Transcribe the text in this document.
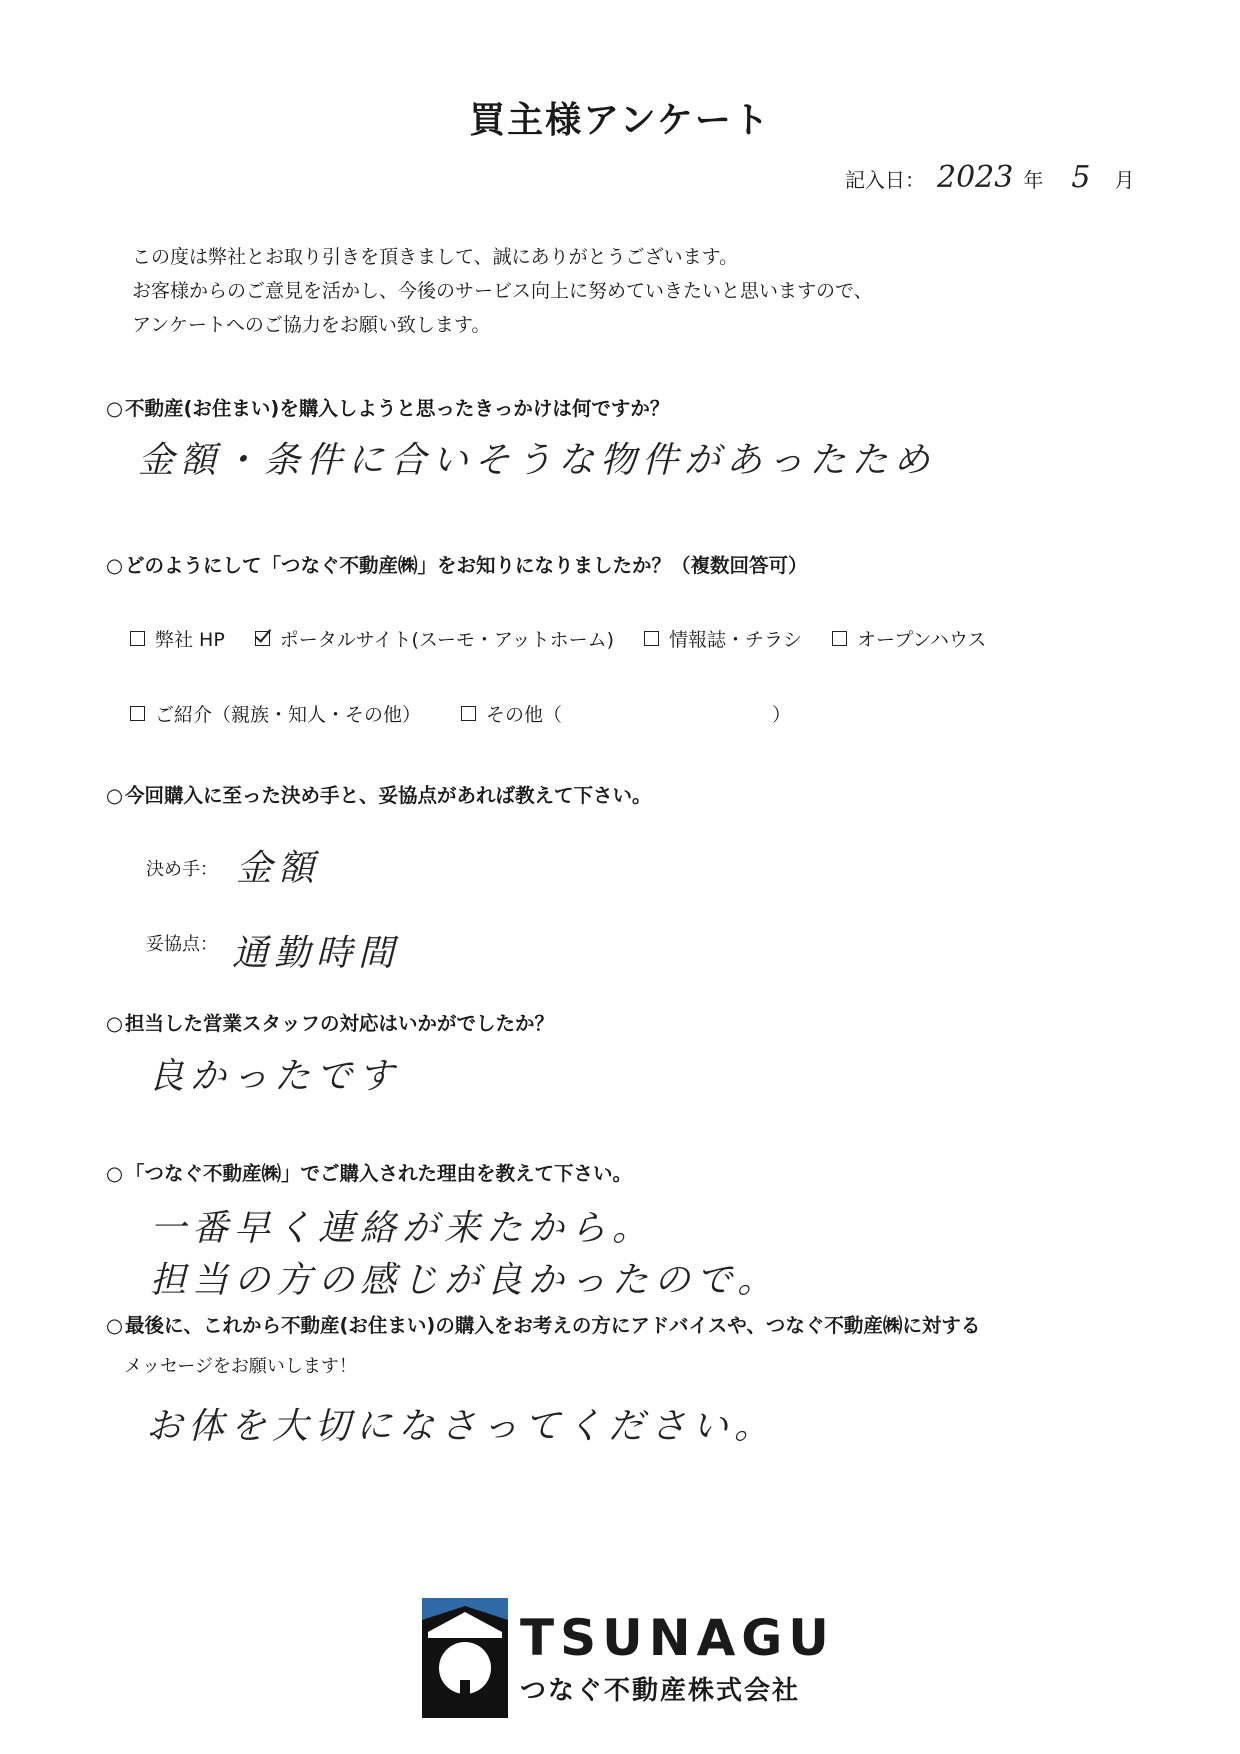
買主様アンケート
記入日： 2023 年 5 月
この度は弊社とお取り引きを頂きまして、誠にありがとうございます。
お客様からのご意見を活かし、今後のサービス向上に努めていきたいと思いますので、
アンケートへのご協力をお願い致します。
○ 不動産(お住まい)を購入しようと思ったきっかけは何ですか？
金額・条件に合いそうな物件があったため
○ どのようにして「つなぐ不動産㈱」をお知りになりましたか？（複数回答可）
弊社 HP	ポータルサイト(スーモ・アットホーム)	情報誌・チラシ	オープンハウス
ご紹介（親族・知人・その他）	その他（	）
○ 今回購入に至った決め手と、妥協点があれば教えて下さい。
決め手： 金額
妥協点： 通勤時間
○ 担当した営業スタッフの対応はいかがでしたか？
良かったです
○ 「つなぐ不動産㈱」でご購入された理由を教えて下さい。
一番早く連絡が来たから。
担当の方の感じが良かったので。
○ 最後に、これから不動産(お住まい)の購入をお考えの方にアドバイスや、つなぐ不動産㈱に対する
メッセージをお願いします！
お体を大切になさってください。
TSUNAGU
つなぐ不動産株式会社
